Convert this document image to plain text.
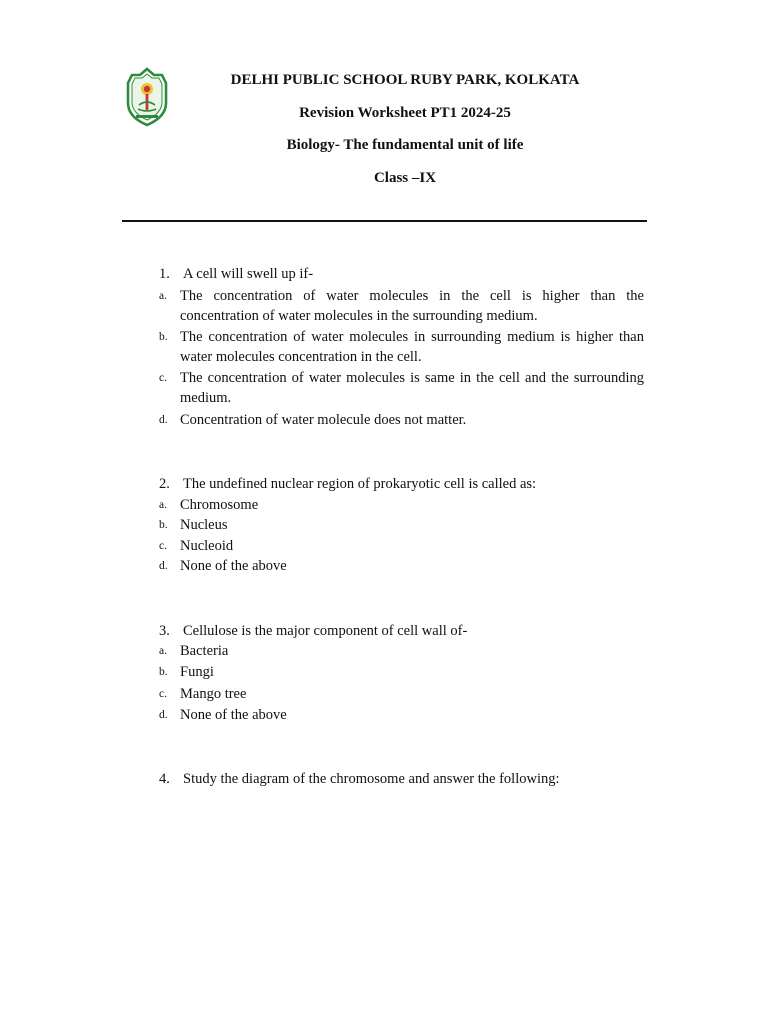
DELHI PUBLIC SCHOOL RUBY PARK, KOLKATA
Revision Worksheet PT1 2024-25
Biology- The fundamental unit of life
Class –IX
1. A cell will swell up if-
a. The concentration of water molecules in the cell is higher than the concentration of water molecules in the surrounding medium.
b. The concentration of water molecules in surrounding medium is higher than water molecules concentration in the cell.
c. The concentration of water molecules is same in the cell and the surrounding medium.
d. Concentration of water molecule does not matter.
2. The undefined nuclear region of prokaryotic cell is called as:
a. Chromosome
b. Nucleus
c. Nucleoid
d. None of the above
3. Cellulose is the major component of cell wall of-
a. Bacteria
b. Fungi
c. Mango tree
d. None of the above
4. Study the diagram of the chromosome and answer the following:
